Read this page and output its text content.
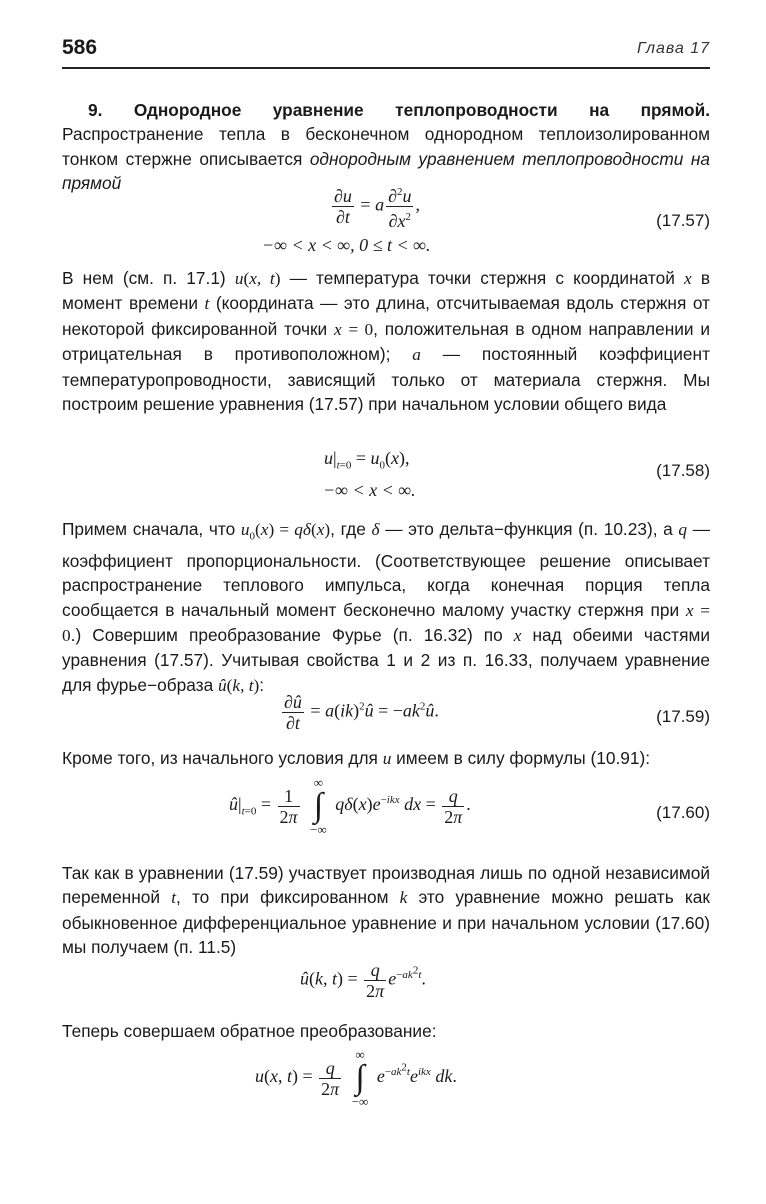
586	Глава 17
9. Однородное уравнение теплопроводности на прямой. Распространение тепла в бесконечном однородном теплоизолированном тонком стержне описывается однородным уравнением теплопроводности на прямой
$\frac{\partial u}{\partial t} = a \frac{\partial^2u}{\partial x^2}$ ,
(17.57)
−∞ < x < ∞, 0 ≤ t < ∞.
В нем (см. п. 17.1) u(x, t) — температура точки стержня с координатой x в момент времени t (координата — это длина, отсчитываемая вдоль стержня от некоторой фиксированной точки x = 0, положительная в одном направлении и отрицательная в противоположном); a — постоянный коэффициент температуропроводности, зависящий только от материала стержня. Мы построим решение уравнения (17.57) при начальном условии общего вида
$u|_{t=0} = u_0(x)$,
(17.58)
−∞ < x < ∞.
Примем сначала, что $u_0(x) = q\delta(x)$, где δ — это дельта−функция (п. 10.23), а q — коэффициент пропорциональности. (Соответствующее решение описывает распространение теплового импульса, когда конечная порция тепла сообщается в начальный момент бесконечно малому участку стержня при x = 0.) Совершим преобразование Фурье (п. 16.32) по x над обеими частями уравнения (17.57). Учитывая свойства 1 и 2 из п. 16.33, получаем уравнение для фурье−образа û(k, t):
$\frac{\partial û}{\partial t}$ = a(ik)$^2$û = $-ak^2û$.	(17.59)
Кроме того, из начального условия для u имеем в силу формулы (10.91):
$û|_{t=0} = \frac{1}{2\pi}$

∞
∫
−∞
$q\delta(x)e^{-ikx}$ dx = $\frac{q}{2\pi}$ .	(17.60)
Так как в уравнении (17.59) участвует производная лишь по одной независимой переменной t, то при фиксированном k это уравнение можно решать как обыкновенное дифференциальное уравнение и при начальном условии (17.60) мы получаем (п. 11.5)
û(k, $t) = \frac{q}{2\pi} e^{-ak^2t}$.
Теперь совершаем обратное преобразование:
u(x, $t) = \frac{q}{2\pi}$

∞
∫
−∞
$e^{-ak^2t}e^{ikx}$ dk.
